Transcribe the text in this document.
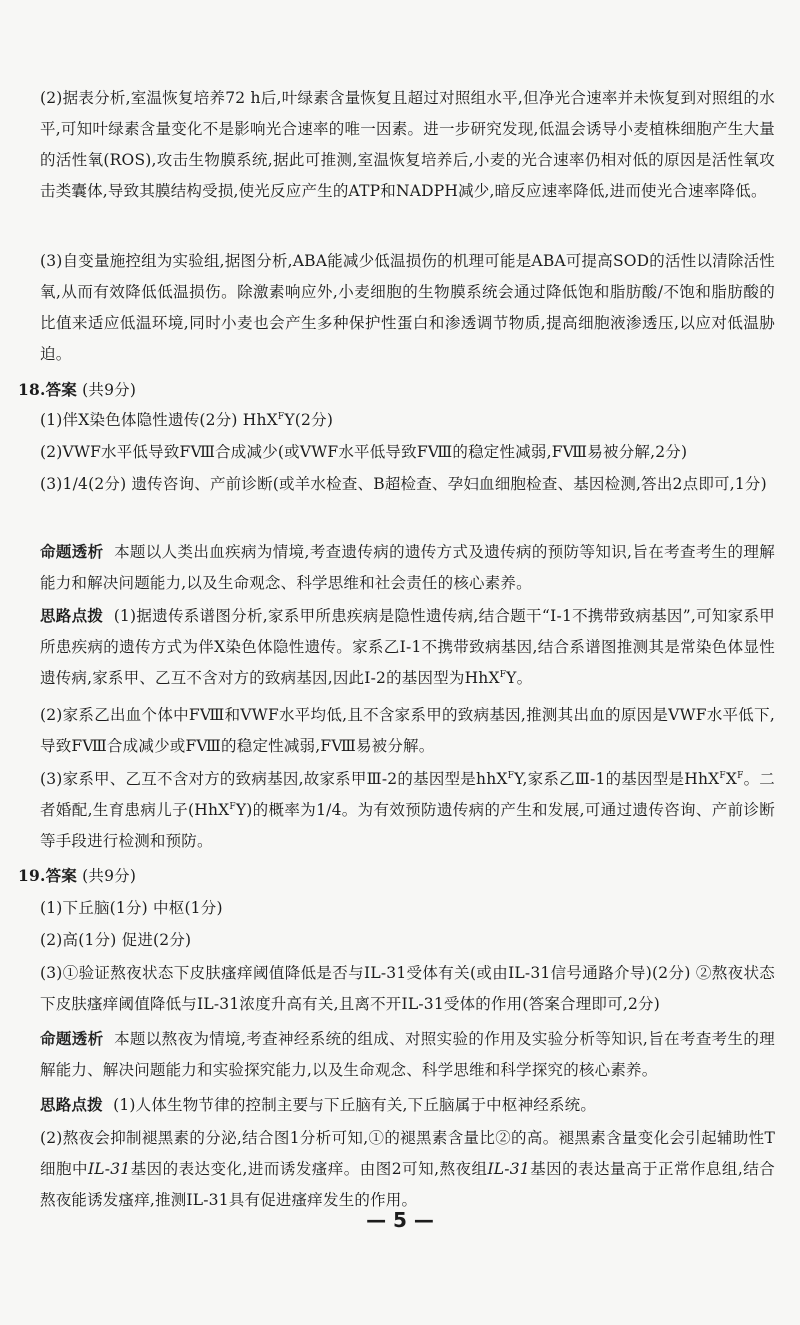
(2)据表分析,室温恢复培养72 h后,叶绿素含量恢复且超过对照组水平,但净光合速率并未恢复到对照组的水平,可知叶绿素含量变化不是影响光合速率的唯一因素。进一步研究发现,低温会诱导小麦植株细胞产生大量的活性氧(ROS),攻击生物膜系统,据此可推测,室温恢复培养后,小麦的光合速率仍相对低的原因是活性氧攻击类囊体,导致其膜结构受损,使光反应产生的ATP和NADPH减少,暗反应速率降低,进而使光合速率降低。
(3)自变量施控组为实验组,据图分析,ABA能减少低温损伤的机理可能是ABA可提高SOD的活性以清除活性氧,从而有效降低低温损伤。除激素响应外,小麦细胞的生物膜系统会通过降低饱和脂肪酸/不饱和脂肪酸的比值来适应低温环境,同时小麦也会产生多种保护性蛋白和渗透调节物质,提高细胞液渗透压,以应对低温胁迫。
18.答案 (共9分)
(1)伴X染色体隐性遗传(2分) HhX$^F$Y(2分)
(2)VWF水平低导致FⅧ合成减少(或VWF水平低导致FⅧ的稳定性减弱,FⅧ易被分解,2分)
(3)1/4(2分) 遗传咨询、产前诊断(或羊水检查、B超检查、孕妇血细胞检查、基因检测,答出2点即可,1分)
命题透析 本题以人类出血疾病为情境,考查遗传病的遗传方式及遗传病的预防等知识,旨在考查考生的理解能力和解决问题能力,以及生命观念、科学思维和社会责任的核心素养。
思路点拨 (1)据遗传系谱图分析,家系甲所患疾病是隐性遗传病,结合题干“Ⅰ-1不携带致病基因”,可知家系甲所患疾病的遗传方式为伴X染色体隐性遗传。家系乙Ⅰ-1不携带致病基因,结合系谱图推测其是常染色体显性遗传病,家系甲、乙互不含对方的致病基因,因此Ⅰ-2的基因型为HhX$^F$Y。
(2)家系乙出血个体中FⅧ和VWF水平均低,且不含家系甲的致病基因,推测其出血的原因是VWF水平低下,导致FⅧ合成减少或FⅧ的稳定性减弱,FⅧ易被分解。
(3)家系甲、乙互不含对方的致病基因,故家系甲Ⅲ-2的基因型是hhX$^F$Y,家系乙Ⅲ-1的基因型是$HhX^FX^F$。二者婚配,生育患病儿子(HhX$^F$Y)的概率为1/4。为有效预防遗传病的产生和发展,可通过遗传咨询、产前诊断等手段进行检测和预防。
19.答案 (共9分)
(1)下丘脑(1分) 中枢(1分)
(2)高(1分) 促进(2分)
(3)①验证熬夜状态下皮肤瘙痒阈值降低是否与IL-31受体有关(或由IL-31信号通路介导)(2分) ②熬夜状态下皮肤瘙痒阈值降低与IL-31浓度升高有关,且离不开IL-31受体的作用(答案合理即可,2分)
命题透析 本题以熬夜为情境,考查神经系统的组成、对照实验的作用及实验分析等知识,旨在考查考生的理解能力、解决问题能力和实验探究能力,以及生命观念、科学思维和科学探究的核心素养。
思路点拨 (1)人体生物节律的控制主要与下丘脑有关,下丘脑属于中枢神经系统。
(2)熬夜会抑制褪黑素的分泌,结合图1分析可知,①的褪黑素含量比②的高。褪黑素含量变化会引起辅助性T细胞中IL-31基因的表达变化,进而诱发瘙痒。由图2可知,熬夜组IL-31基因的表达量高于正常作息组,结合熬夜能诱发瘙痒,推测IL-31具有促进瘙痒发生的作用。
— 5 —
